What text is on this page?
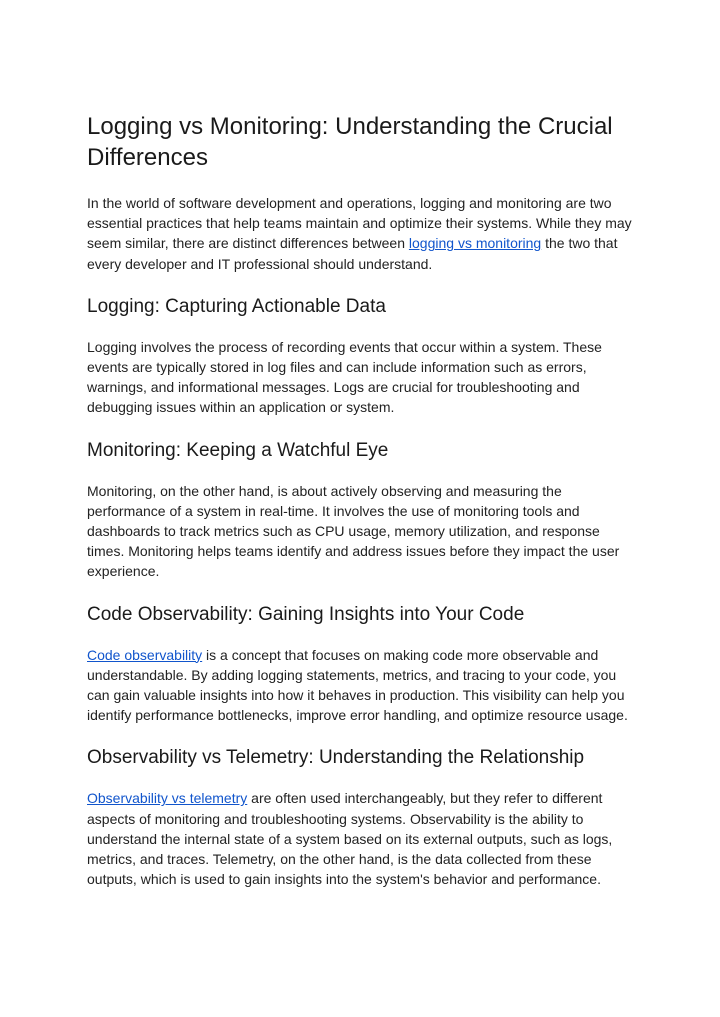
Logging vs Monitoring: Understanding the Crucial Differences

In the world of software development and operations, logging and monitoring are two essential practices that help teams maintain and optimize their systems. While they may seem similar, there are distinct differences between logging vs monitoring the two that every developer and IT professional should understand.

Logging: Capturing Actionable Data

Logging involves the process of recording events that occur within a system. These events are typically stored in log files and can include information such as errors, warnings, and informational messages. Logs are crucial for troubleshooting and debugging issues within an application or system.

Monitoring: Keeping a Watchful Eye

Monitoring, on the other hand, is about actively observing and measuring the performance of a system in real-time. It involves the use of monitoring tools and dashboards to track metrics such as CPU usage, memory utilization, and response times. Monitoring helps teams identify and address issues before they impact the user experience.

Code Observability: Gaining Insights into Your Code

Code observability is a concept that focuses on making code more observable and understandable. By adding logging statements, metrics, and tracing to your code, you can gain valuable insights into how it behaves in production. This visibility can help you identify performance bottlenecks, improve error handling, and optimize resource usage.

Observability vs Telemetry: Understanding the Relationship

Observability vs telemetry are often used interchangeably, but they refer to different aspects of monitoring and troubleshooting systems. Observability is the ability to understand the internal state of a system based on its external outputs, such as logs, metrics, and traces. Telemetry, on the other hand, is the data collected from these outputs, which is used to gain insights into the system's behavior and performance.
